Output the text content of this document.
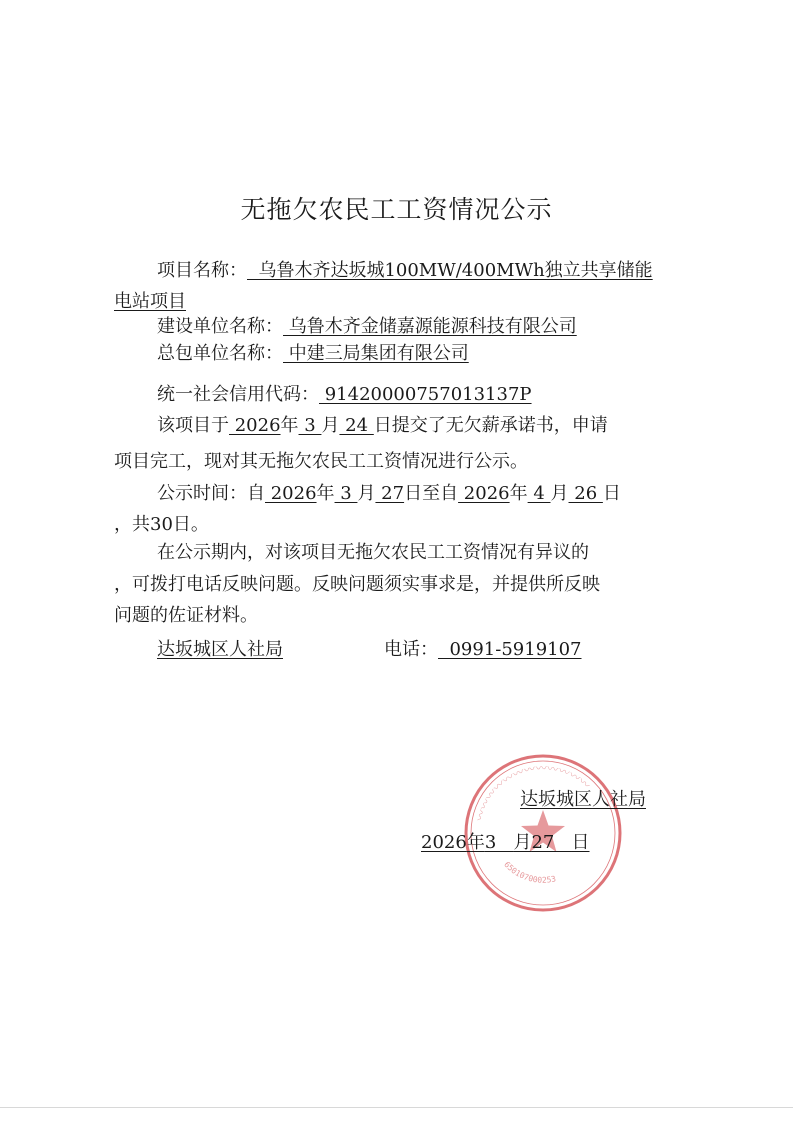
无拖欠农民工工资情况公示
项目名称：  乌鲁木齐达坂城100MW/400MWh独立共享储能
电站项目
建设单位名称： 乌鲁木齐金储嘉源能源科技有限公司
总包单位名称： 中建三局集团有限公司
统一社会信用代码： 91420000757013137P
该项目于 2026年 3 月 24 日提交了无欠薪承诺书，申请
项目完工，现对其无拖欠农民工工资情况进行公示。
公示时间：自 2026年 3 月 27日至自 2026年 4 月 26 日
，共30日。
在公示期内，对该项目无拖欠农民工工资情况有异议的
，可拨打电话反映问题。反映问题须实事求是，并提供所反映
问题的佐证材料。
达坂城区人社局	电话：  0991-5919107
〰〰〰〰〰〰〰〰〰〰〰〰
650107000253
达坂城区人社局
2026年3   月27   日
